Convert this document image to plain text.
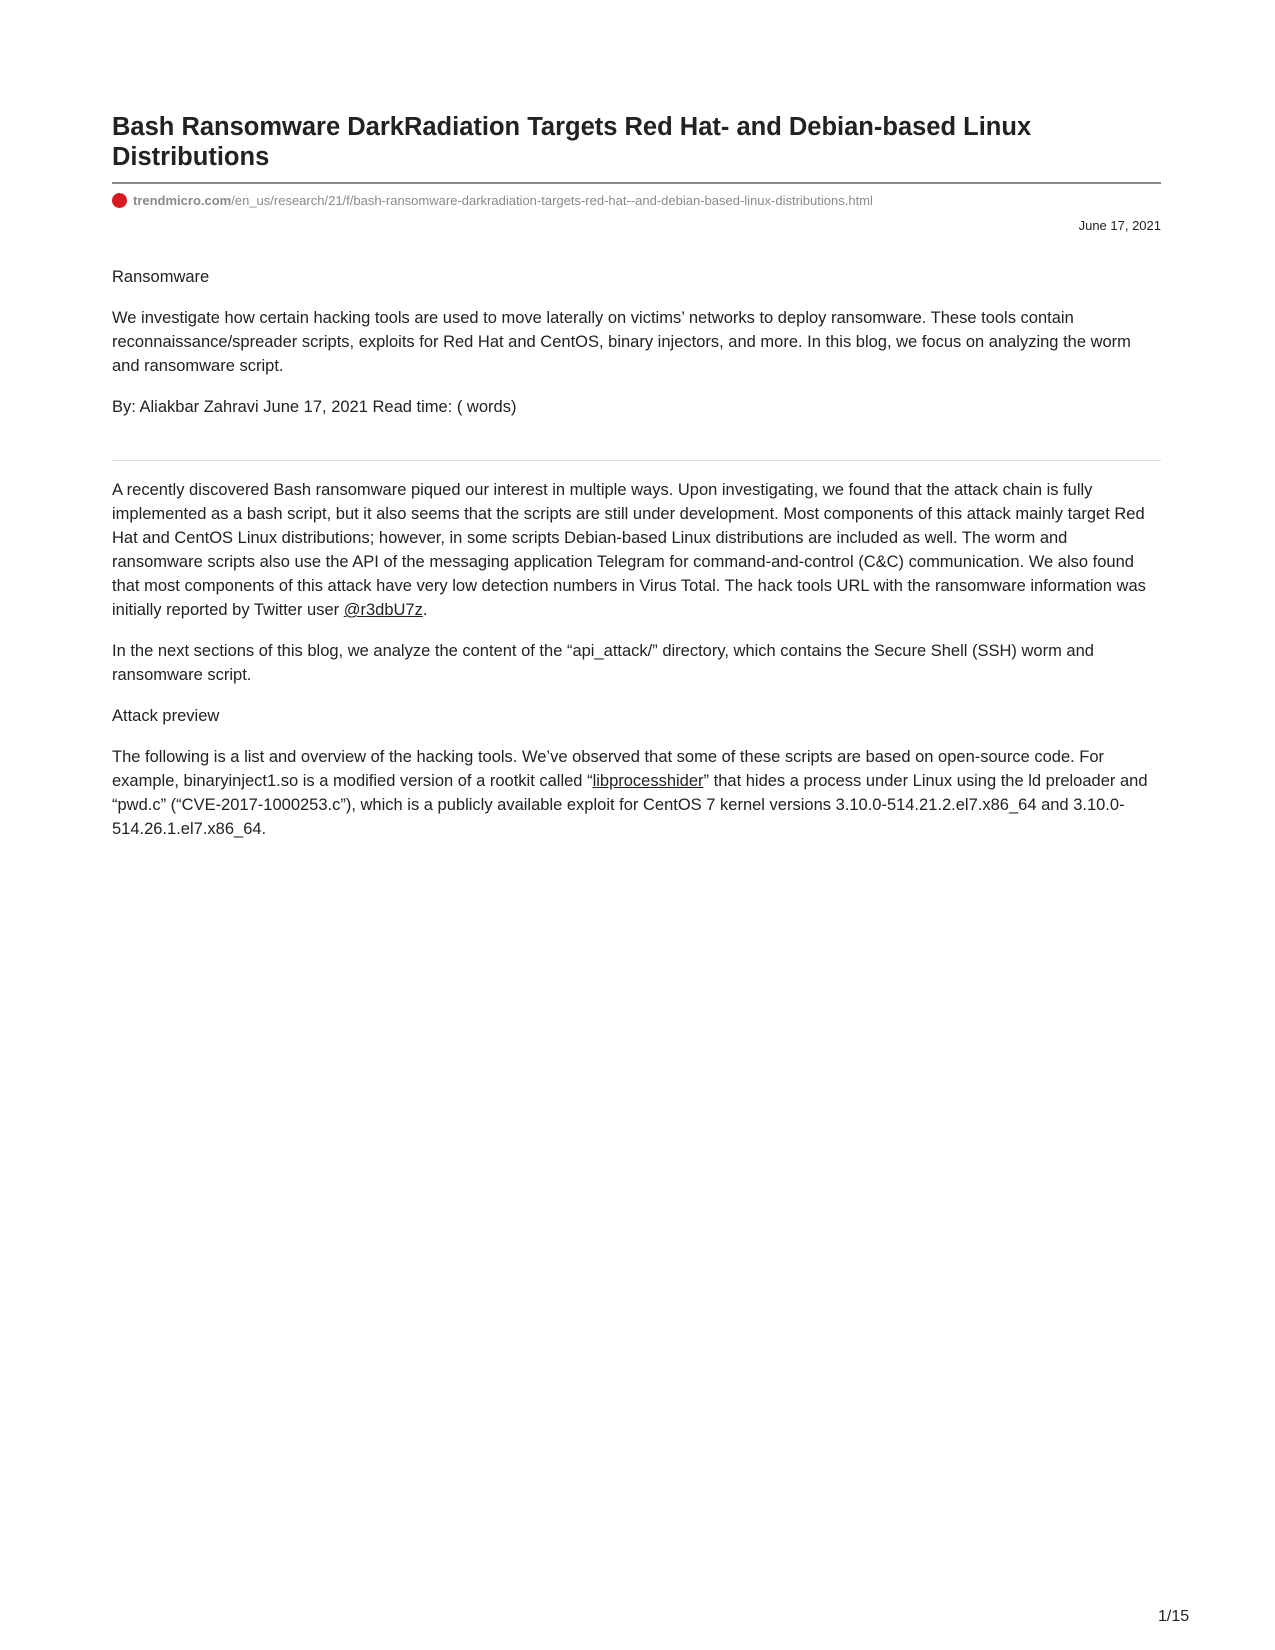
Bash Ransomware DarkRadiation Targets Red Hat- and Debian-based Linux Distributions
trendmicro.com/en_us/research/21/f/bash-ransomware-darkradiation-targets-red-hat--and-debian-based-linux-distributions.html
June 17, 2021

Ransomware

We investigate how certain hacking tools are used to move laterally on victims’ networks to deploy ransomware. These tools contain reconnaissance/spreader scripts, exploits for Red Hat and CentOS, binary injectors, and more. In this blog, we focus on analyzing the worm and ransomware script.

By: Aliakbar Zahravi June 17, 2021 Read time: ( words)

A recently discovered Bash ransomware piqued our interest in multiple ways. Upon investigating, we found that the attack chain is fully implemented as a bash script, but it also seems that the scripts are still under development. Most components of this attack mainly target Red Hat and CentOS Linux distributions; however, in some scripts Debian-based Linux distributions are included as well. The worm and ransomware scripts also use the API of the messaging application Telegram for command-and-control (C&C) communication. We also found that most components of this attack have very low detection numbers in Virus Total. The hack tools URL with the ransomware information was initially reported by Twitter user @r3dbU7z.

In the next sections of this blog, we analyze the content of the “api_attack/” directory, which contains the Secure Shell (SSH) worm and ransomware script.

Attack preview

The following is a list and overview of the hacking tools. We’ve observed that some of these scripts are based on open-source code. For example, binaryinject1.so is a modified version of a rootkit called “libprocesshider” that hides a process under Linux using the ld preloader and “pwd.c” (“CVE-2017-1000253.c”), which is a publicly available exploit for CentOS 7 kernel versions 3.10.0-514.21.2.el7.x86_64 and 3.10.0-514.26.1.el7.x86_64.

1/15
